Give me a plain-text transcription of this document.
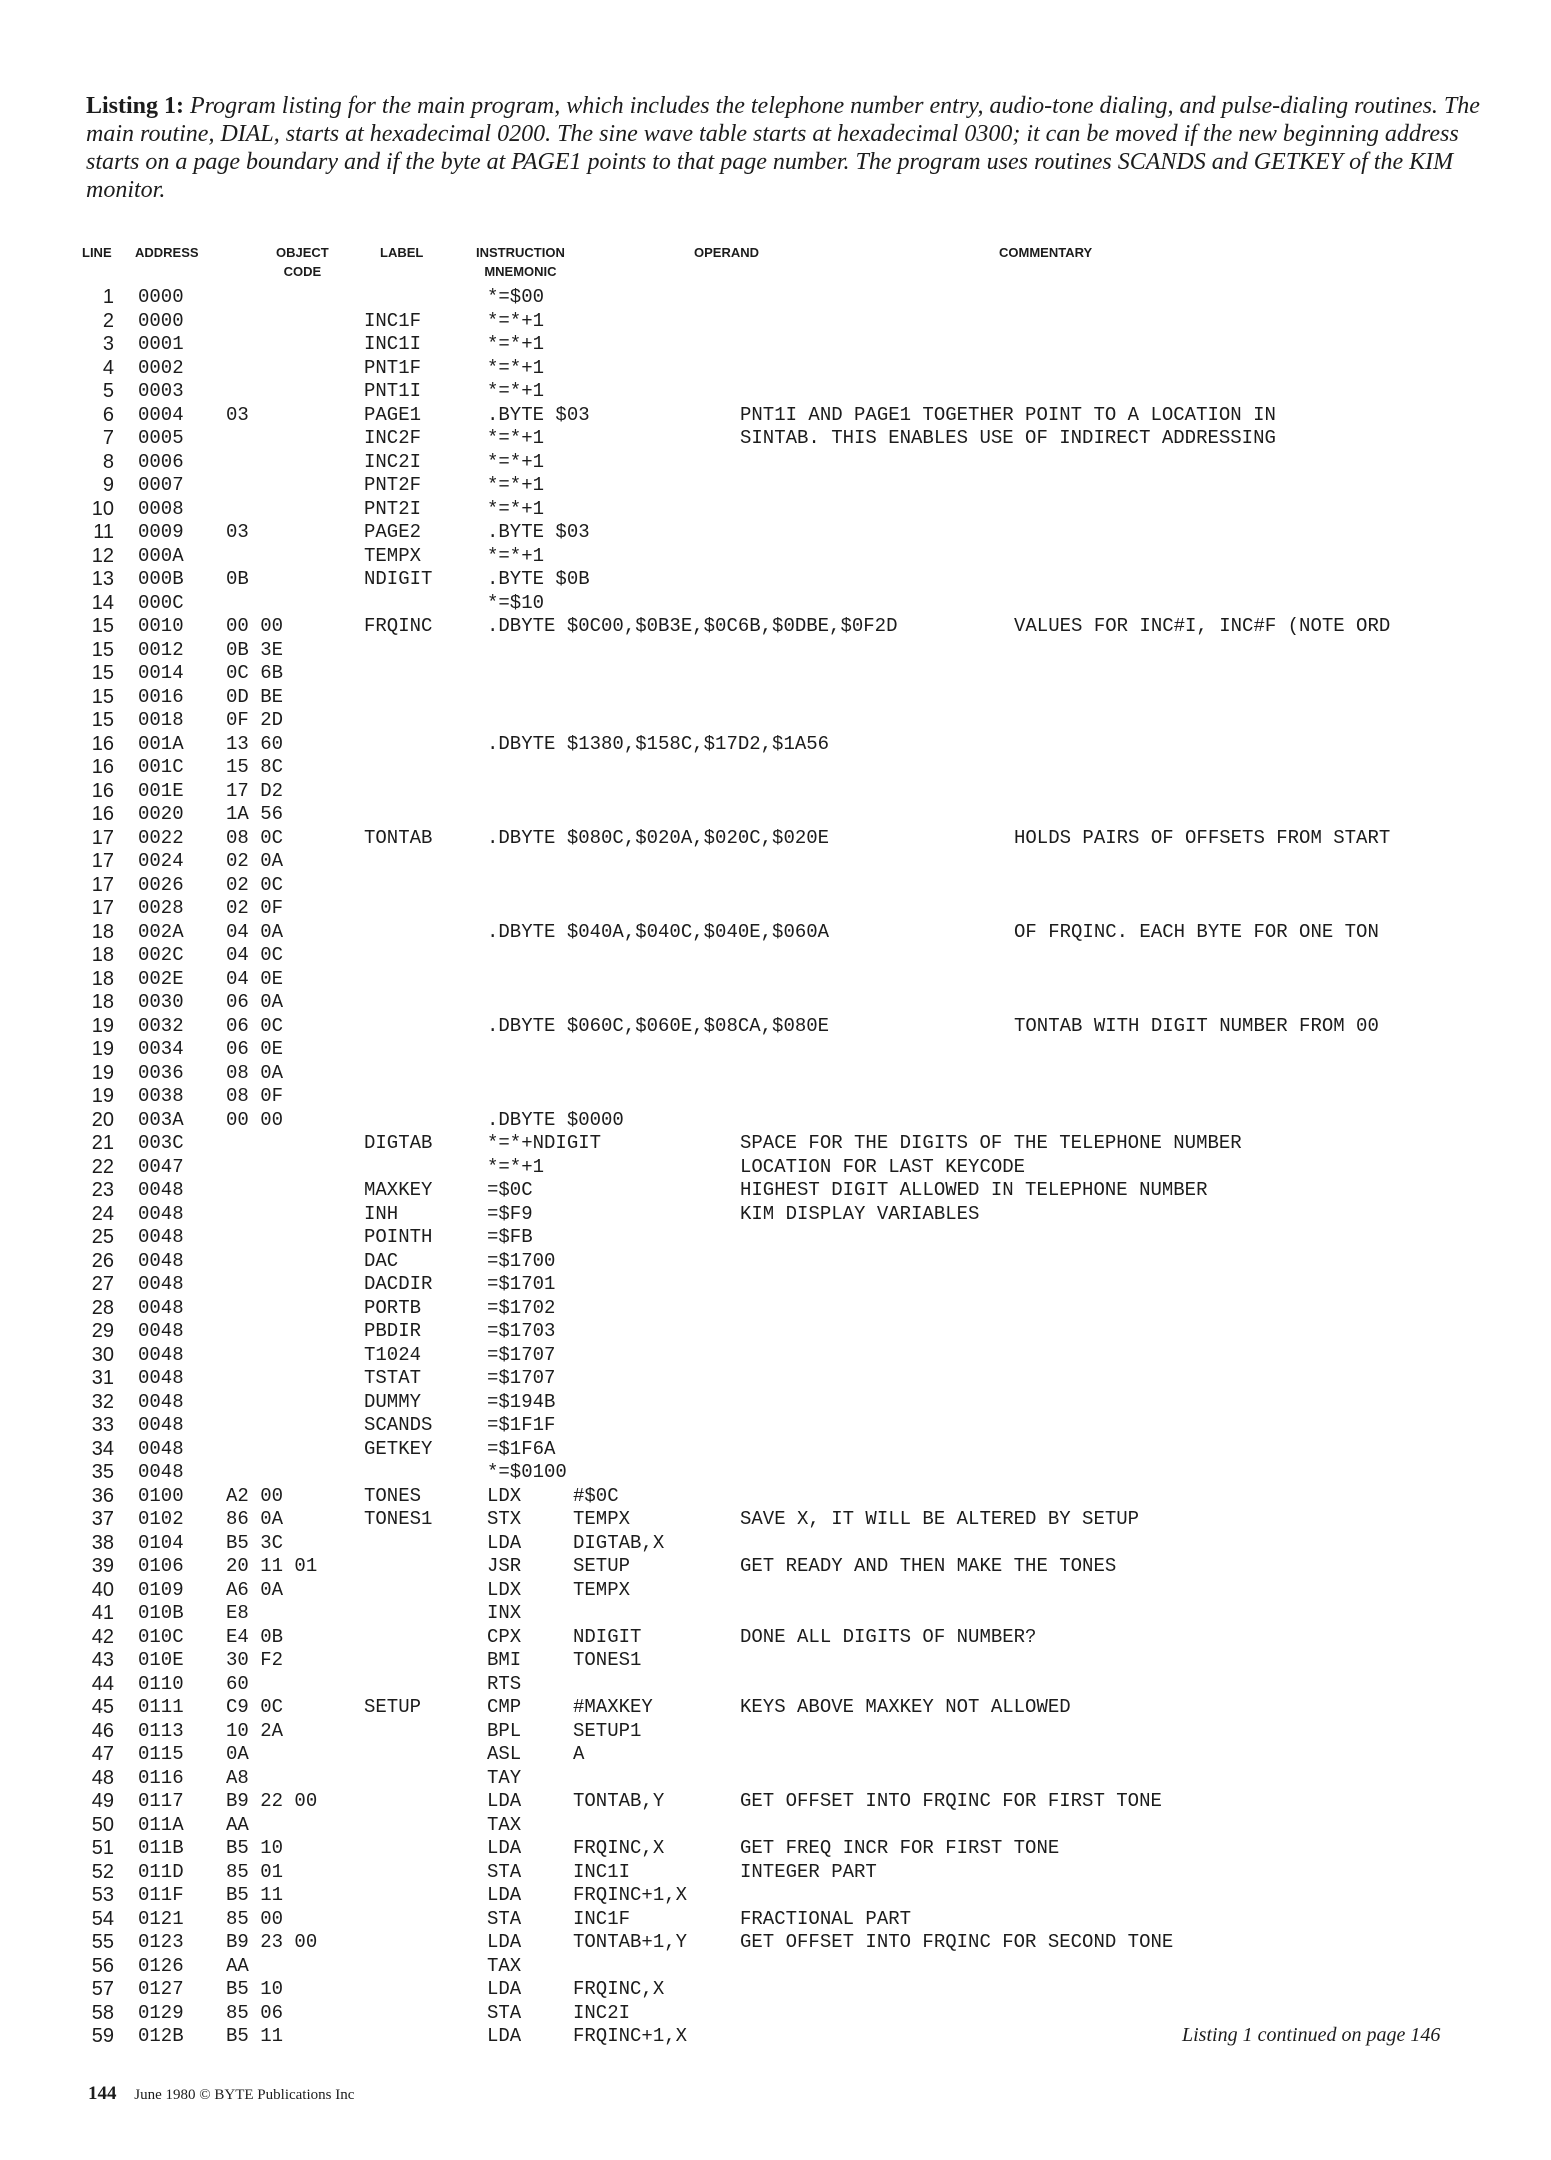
Listing 1: Program listing for the main program, which includes the telephone number entry, audio-tone dialing, and pulse-dialing routines. The main routine, DIAL, starts at hexadecimal 0200. The sine wave table starts at hexadecimal 0300; it can be moved if the new beginning address starts on a page boundary and if the byte at PAGE1 points to that page number. The program uses routines SCANDS and GETKEY of the KIM monitor.

LINE ADDRESS	OBJECT
CODE
LABEL	INSTRUCTION
MNEMONIC
OPERAND	COMMENTARY
1 0000	*=$00
2 0000	INC1F	*=*+1
3 0001	INC1I	*=*+1
4 0002	PNT1F	*=*+1
5 0003	PNT1I	*=*+1
6 0004 03	PAGE1	.BYTE $03	PNT1I AND PAGE1 TOGETHER POINT TO A LOCATION IN
7 0005	INC2F	*=*+1	SINTAB. THIS ENABLES USE OF INDIRECT ADDRESSING
8 0006	INC2I	*=*+1
9 0007	PNT2F	*=*+1
10 0008	PNT2I	*=*+1
11 0009 03	PAGE2	.BYTE $03
12 000A	TEMPX	*=*+1
13 000B 0B	NDIGIT	.BYTE $0B
14 000C	*=$10
15 0010 00 00	FRQINC	.DBYTE $0C00,$0B3E,$0C6B,$0DBE,$0F2D	VALUES FOR INC#I, INC#F (NOTE ORD
15 0012 0B 3E
15 0014 0C 6B
15 0016 0D BE
15 0018 0F 2D
16 001A 13 60	.DBYTE $1380,$158C,$17D2,$1A56
16 001C 15 8C
16 001E 17 D2
16 0020 1A 56
17 0022 08 0C	TONTAB	.DBYTE $080C,$020A,$020C,$020E	HOLDS PAIRS OF OFFSETS FROM START
17 0024 02 0A
17 0026 02 0C
17 0028 02 0F
18 002A 04 0A	.DBYTE $040A,$040C,$040E,$060A	OF FRQINC. EACH BYTE FOR ONE TON
18 002C 04 0C
18 002E 04 0E
18 0030 06 0A
19 0032 06 0C	.DBYTE $060C,$060E,$08CA,$080E	TONTAB WITH DIGIT NUMBER FROM 00
19 0034 06 0E
19 0036 08 0A
19 0038 08 0F
20 003A 00 00	.DBYTE $0000
21 003C	DIGTAB	*=*+NDIGIT	SPACE FOR THE DIGITS OF THE TELEPHONE NUMBER
22 0047	*=*+1	LOCATION FOR LAST KEYCODE
23 0048	MAXKEY	=$0C	HIGHEST DIGIT ALLOWED IN TELEPHONE NUMBER
24 0048	INH	=$F9	KIM DISPLAY VARIABLES
25 0048	POINTH	=$FB
26 0048	DAC	=$1700
27 0048	DACDIR	=$1701
28 0048	PORTB	=$1702
29 0048	PBDIR	=$1703
30 0048	T1024	=$1707
31 0048	TSTAT	=$1707
32 0048	DUMMY	=$194B
33 0048	SCANDS	=$1F1F
34 0048	GETKEY	=$1F6A
35 0048	*=$0100
36 0100 A2 00	TONES	LDX	#$0C
37 0102 86 0A	TONES1	STX	TEMPX	SAVE X, IT WILL BE ALTERED BY SETUP
38 0104 B5 3C	LDA	DIGTAB,X
39 0106 20 11 01	JSR	SETUP	GET READY AND THEN MAKE THE TONES
40 0109 A6 0A	LDX	TEMPX
41 010B E8	INX
42 010C E4 0B	CPX	NDIGIT	DONE ALL DIGITS OF NUMBER?
43 010E 30 F2	BMI	TONES1
44 0110 60	RTS
45 0111 C9 0C	SETUP	CMP	#MAXKEY	KEYS ABOVE MAXKEY NOT ALLOWED
46 0113 10 2A	BPL	SETUP1
47 0115 0A	ASL	A
48 0116 A8	TAY
49 0117 B9 22 00	LDA	TONTAB,Y	GET OFFSET INTO FRQINC FOR FIRST TONE
50 011A AA	TAX
51 011B B5 10	LDA	FRQINC,X	GET FREQ INCR FOR FIRST TONE
52 011D 85 01	STA	INC1I	INTEGER PART
53 011F B5 11	LDA	FRQINC+1,X
54 0121 85 00	STA	INC1F	FRACTIONAL PART
55 0123 B9 23 00	LDA	TONTAB+1,Y	GET OFFSET INTO FRQINC FOR SECOND TONE
56 0126 AA	TAX
57 0127 B5 10	LDA	FRQINC,X
58 0129 85 06	STA	INC2I
59 012B B5 11	LDA	FRQINC+1,X	Listing 1 continued on page 146
144 June 1980 © BYTE Publications Inc
